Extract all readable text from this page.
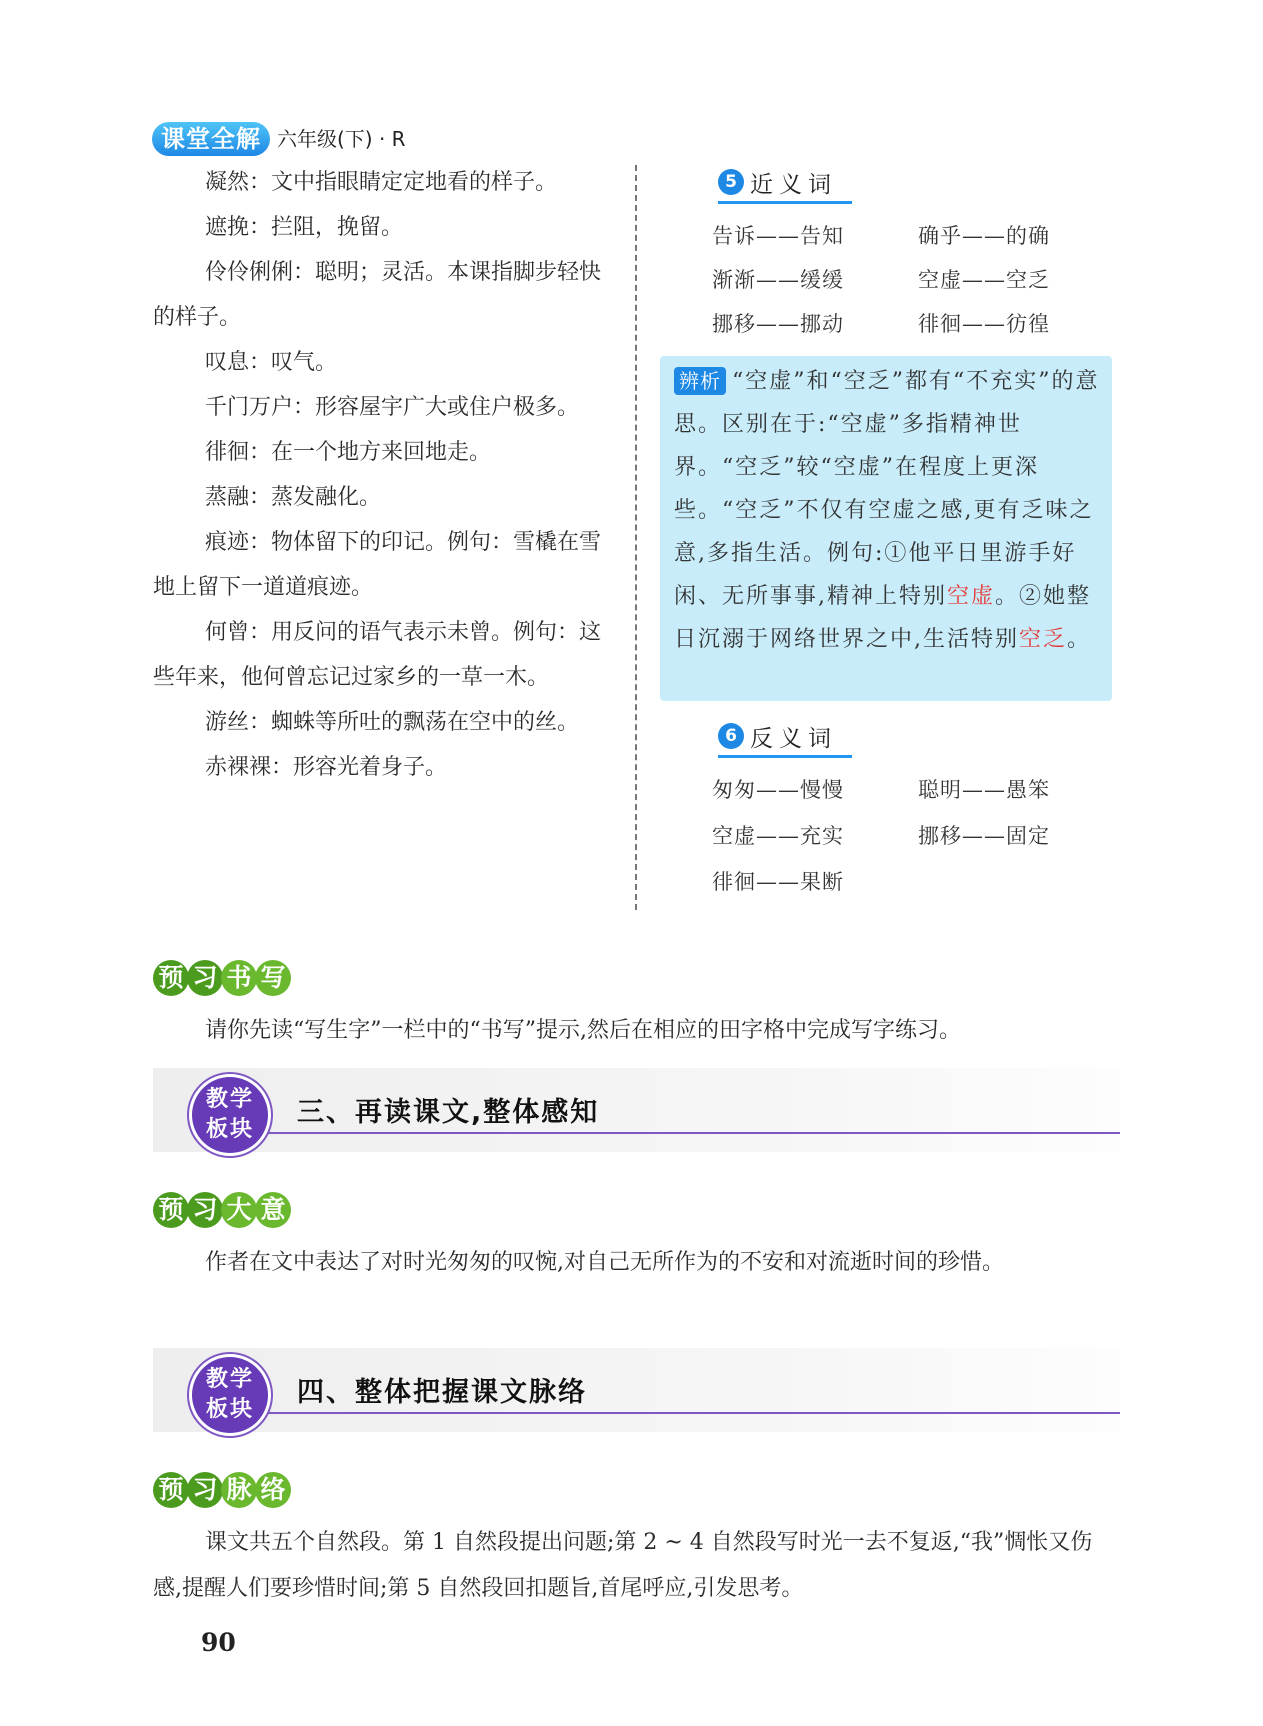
课堂全解 六年级(下) · R

凝然：文中指眼睛定定地看的样子。

遮挽：拦阻，挽留。

伶伶俐俐：聪明；灵活。本课指脚步轻快的样子。

叹息：叹气。

千门万户：形容屋宇广大或住户极多。

徘徊：在一个地方来回地走。

蒸融：蒸发融化。

痕迹：物体留下的印记。例句：雪橇在雪地上留下一道道痕迹。

何曾：用反问的语气表示未曾。例句：这些年来，他何曾忘记过家乡的一草一木。

游丝：蜘蛛等所吐的飘荡在空中的丝。

赤裸裸：形容光着身子。

5 近义词
告诉——告知	确乎——的确
渐渐——缓缓	空虚——空乏
挪移——挪动	徘徊——彷徨

辨析 “空虚”和“空乏”都有“不充实”的意思。区别在于:“空虚”多指精神世界。“空乏”较“空虚”在程度上更深些。“空乏”不仅有空虚之感,更有乏味之意,多指生活。例句:①他平日里游手好闲、无所事事,精神上特别空虚。②她整日沉溺于网络世界之中,生活特别空乏。

6 反义词
匆匆——慢慢	聪明——愚笨
空虚——充实	挪移——固定
徘徊——果断
预 习 书 写

请你先读“写生字”一栏中的“书写”提示,然后在相应的田字格中完成写字练习。

教学
板块
三、再读课文,整体感知
预 习 大 意

作者在文中表达了对时光匆匆的叹惋,对自己无所作为的不安和对流逝时间的珍惜。

教学
板块
四、整体把握课文脉络
预 习 脉 络

课文共五个自然段。第 1 自然段提出问题;第 2 ~ 4 自然段写时光一去不复返,“我”惆怅又伤感,提醒人们要珍惜时间;第 5 自然段回扣题旨,首尾呼应,引发思考。

90
